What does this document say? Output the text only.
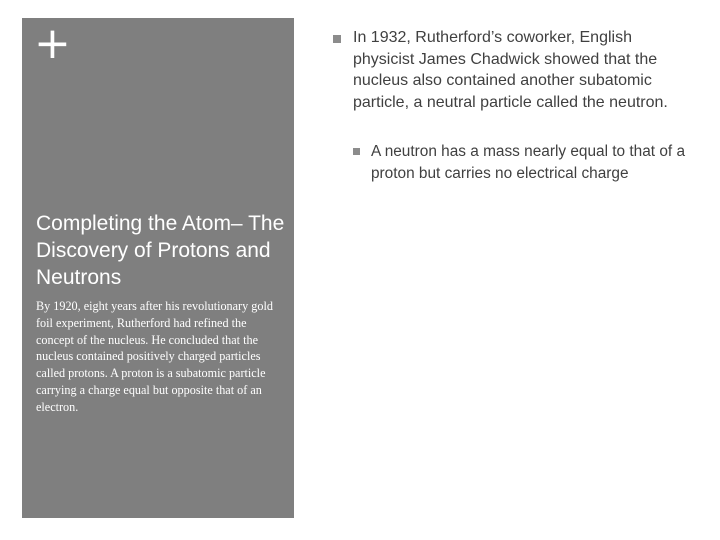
+
Completing the Atom– The Discovery of Protons and Neutrons

By 1920, eight years after his revolutionary gold foil experiment, Rutherford had refined the concept of the nucleus. He concluded that the nucleus contained positively charged particles called protons. A proton is a subatomic particle carrying a charge equal but opposite that of an electron.

In 1932, Rutherford’s coworker, English physicist James Chadwick showed that the nucleus also contained another subatomic particle, a neutral particle called the neutron.

A neutron has a mass nearly equal to that of a proton but carries no electrical charge
